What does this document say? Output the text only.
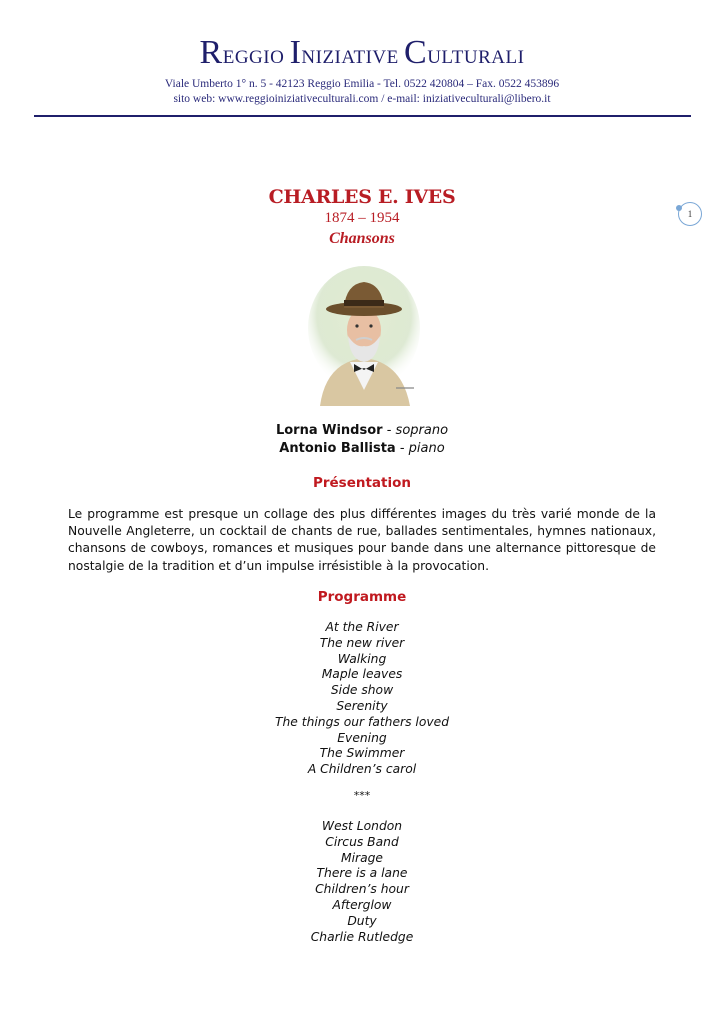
REGGIO INIZIATIVE CULTURALI
Viale Umberto 1° n. 5 - 42123 Reggio Emilia - Tel. 0522 420804 – Fax. 0522 453896
sito web: www.reggioiniziativeculturali.com / e-mail: iniziativeculturali@libero.it
1
CHARLES E. IVES
1874 – 1954
Chansons
Lorna Windsor - soprano
Antonio Ballista - piano
Présentation
Le programme est presque un collage des plus différentes images du très varié monde de la Nouvelle Angleterre, un cocktail de chants de rue, ballades sentimentales, hymnes nationaux, chansons de cowboys, romances et musiques pour bande dans une alternance pittoresque de nostalgie de la tradition et d’un impulse irrésistible à la provocation.
Programme
At the River
The new river
Walking
Maple leaves
Side show
Serenity
The things our fathers loved
Evening
The Swimmer
A Children’s carol
***
West London
Circus Band
Mirage
There is a lane
Children’s hour
Afterglow
Duty
Charlie Rutledge
